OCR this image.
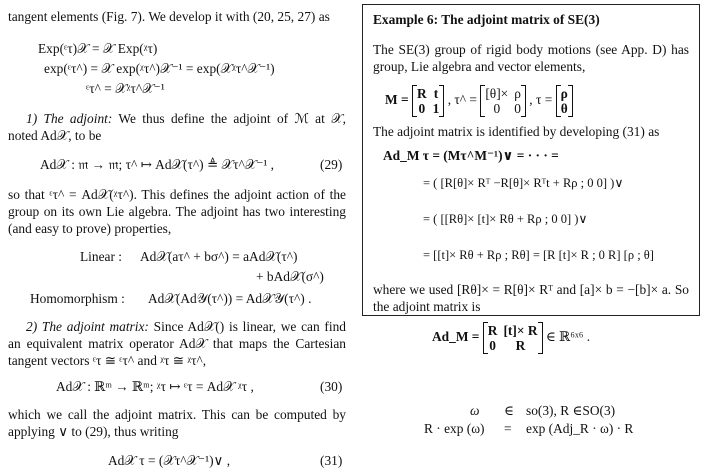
tangent elements (Fig. 7). We develop it with (20, 25, 27) as
Exp(ᵋτ)𝒳 = 𝒳 Exp(ᵡτ)
exp(ᵋτ^) = 𝒳 exp(ᵡτ^)𝒳⁻¹ = exp(𝒳ᵡτ^𝒳⁻¹)
ᵋτ^ = 𝒳ᵡτ^𝒳⁻¹
1) The adjoint: We thus define the adjoint of ℳ at 𝒳, noted Ad𝒳, to be
Ad𝒳 : 𝔪 → 𝔪; τ^ ↦ Ad𝒳(τ^) ≜ 𝒳τ^𝒳⁻¹ ,	(29)
so that ᵋτ^ = Ad𝒳(ᵡτ^). This defines the adjoint action of the group on its own Lie algebra. The adjoint has two interesting (and easy to prove) properties,
Linear : Ad𝒳(aτ^ + bσ^) = aAd𝒳(τ^)
+ bAd𝒳(σ^)
Homomorphism : Ad𝒳(Ad𝒴(τ^)) = Ad𝒳𝒴(τ^) .
2) The adjoint matrix: Since Ad𝒳() is linear, we can find an equivalent matrix operator Ad𝒳 that maps the Cartesian tangent vectors ᵋτ ≅ ᵋτ^ and ᵡτ ≅ ᵡτ^,
Ad𝒳 : ℝᵐ → ℝᵐ; ᵡτ ↦ ᵋτ = Ad𝒳 ᵡτ ,	(30)
which we call the adjoint matrix. This can be computed by applying ∨ to (29), thus writing
Ad𝒳 τ = (𝒳τ^𝒳⁻¹)∨ ,	(31)
Example 6: The adjoint matrix of SE(3)
The SE(3) group of rigid body motions (see App. D) has group, Lie algebra and vector elements,
M = R t
0 1
, τ^ = [θ]× ρ
0	0
, τ = ρ
θ
The adjoint matrix is identified by developing (31) as
Ad_M τ = (Mτ^M⁻¹)∨ = · · · =
= ( [R[θ]× Rᵀ −R[θ]× Rᵀt + Rρ ; 0 0] )∨
= ( [[Rθ]× [t]× Rθ + Rρ ; 0 0] )∨
= [[t]× Rθ + Rρ ; Rθ] = [R [t]× R ; 0 R] [ρ ; θ]
where we used [Rθ]× = R[θ]× Rᵀ and [a]× b = −[b]× a. So the adjoint matrix is
Ad_M = R [t]× R
0	R
∈ ℝ⁶ˣ⁶ .
ω ∈ so(3), R ∈SO(3)
R · exp (ω) = exp (Adj_R · ω) · R
